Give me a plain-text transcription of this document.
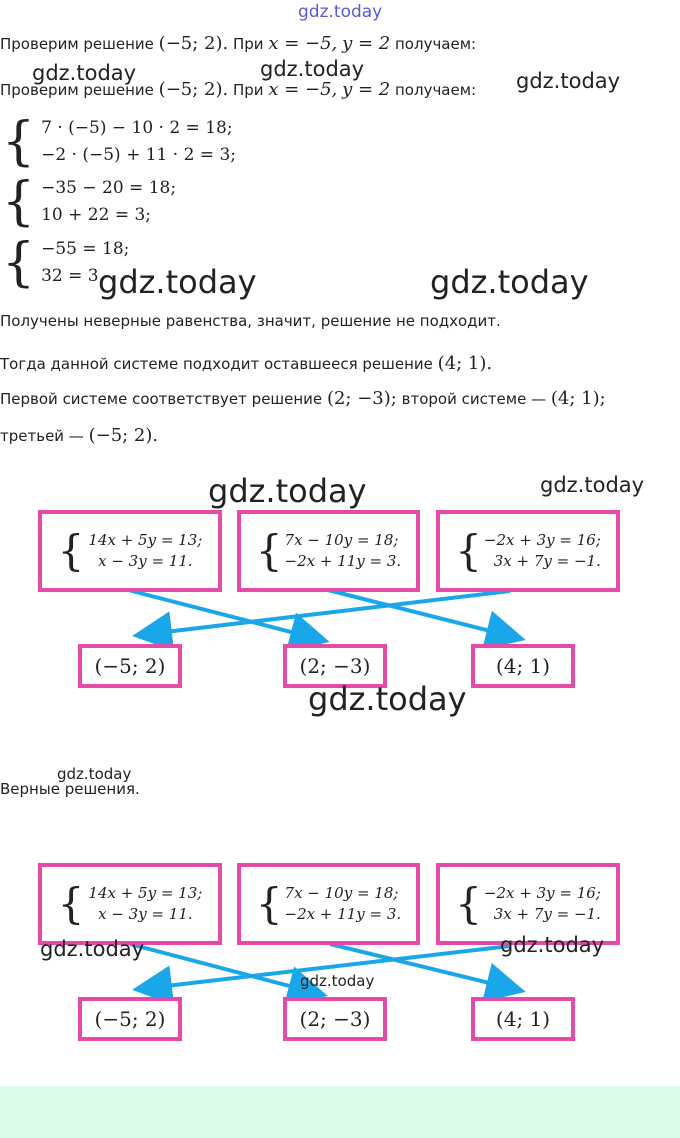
gdz.today
Проверим решение (−5; 2). При x = −5, y = 2 получаем:
gdz.today	gdz.today	gdz.today
Проверим решение (−5; 2). При x = −5, y = 2 получаем:
{ 7 · (−5) − 10 · 2 = 18;
−2 · (−5) + 11 · 2 = 3;
{ −35 − 20 = 18;
10 + 22 = 3;
{ −55 = 18;
32 = 3.
gdz.today	gdz.today
Получены неверные равенства, значит, решение не подходит.
Тогда данной системе подходит оставшееся решение (4; 1).
Первой системе соответствует решение (2; −3); второй системе — (4; 1);
третьей — (−5; 2).
gdz.today	gdz.today
{ 14x + 5y = 13;
x − 3y = 11. { 7x − 10y = 18;
−2x + 11y = 3. { −2x + 3y = 16;
3x + 7y = −1.
(−5; 2)	(2; −3)	(4; 1)
gdz.today
gdz.today
Верные решения.
{ 14x + 5y = 13;
x − 3y = 11. { 7x − 10y = 18;
−2x + 11y = 3. { −2x + 3y = 16;
3x + 7y = −1.
gdz.today	gdz.today
gdz.today
(−5; 2)	(2; −3)	(4; 1)
